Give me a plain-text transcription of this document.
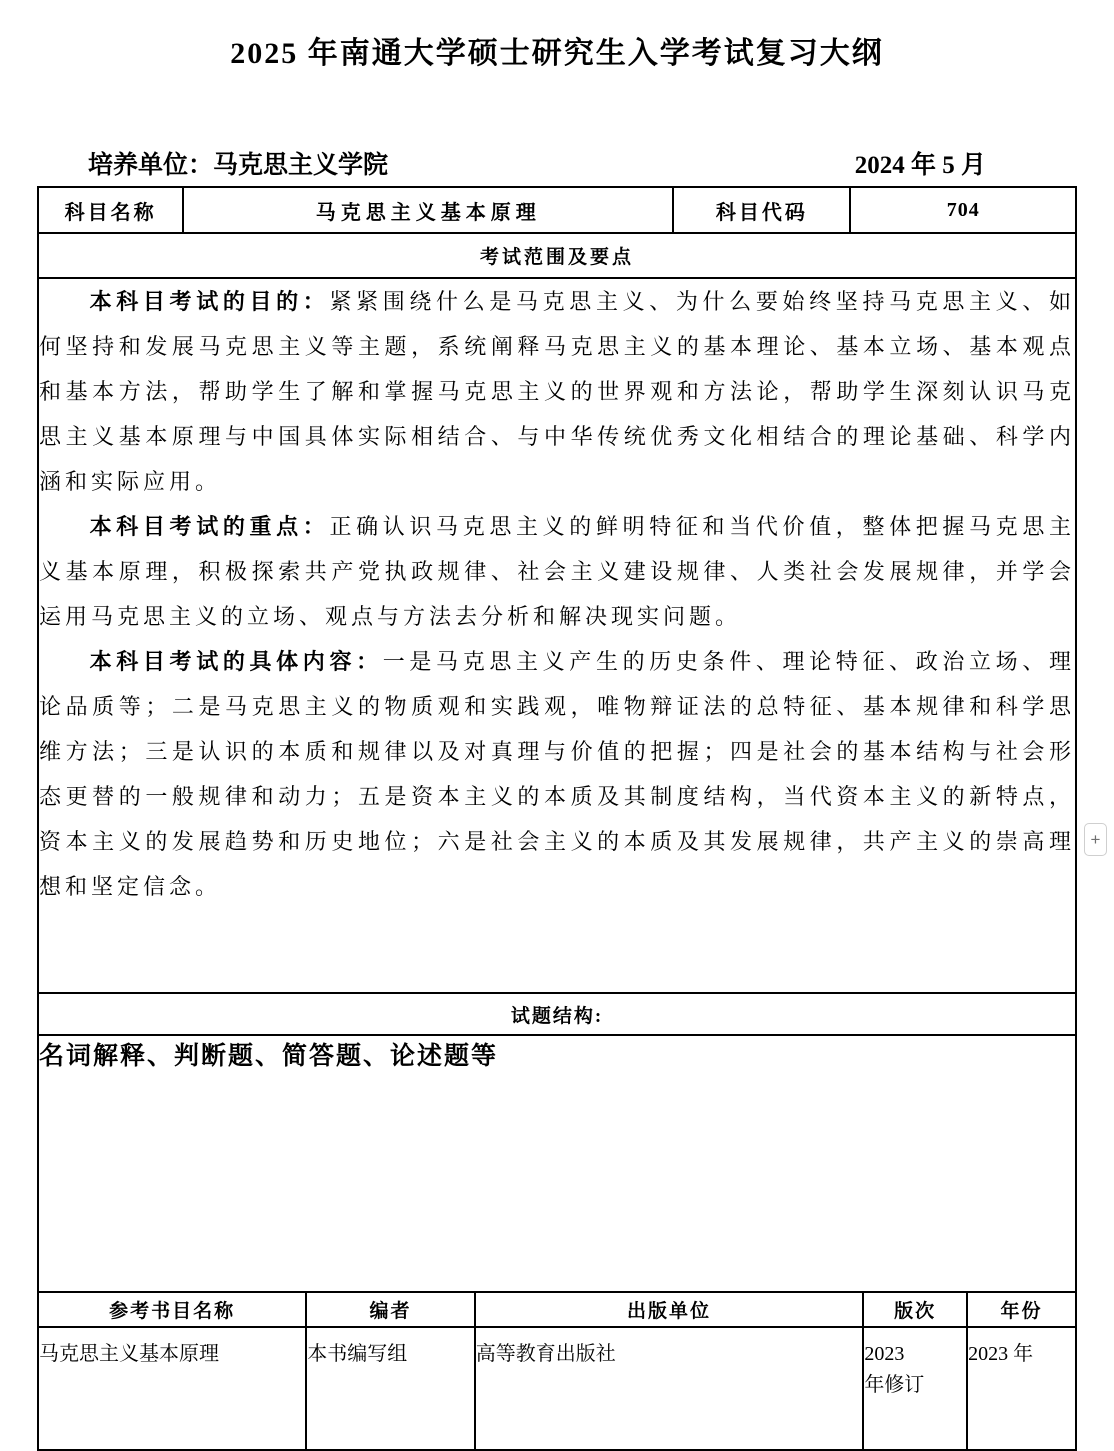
2025 年南通大学硕士研究生入学考试复习大纲
培养单位：马克思主义学院	2024 年 5 月
科目名称	马克思主义基本原理	科目代码	704
考试范围及要点

本科目考试的目的：紧紧围绕什么是马克思主义、为什么要始终坚持马克思主义、如何坚持和发展马克思主义等主题，系统阐释马克思主义的基本理论、基本立场、基本观点和基本方法，帮助学生了解和掌握马克思主义的世界观和方法论，帮助学生深刻认识马克思主义基本原理与中国具体实际相结合、与中华传统优秀文化相结合的理论基础、科学内涵和实际应用。

本科目考试的重点：正确认识马克思主义的鲜明特征和当代价值，整体把握马克思主义基本原理，积极探索共产党执政规律、社会主义建设规律、人类社会发展规律，并学会运用马克思主义的立场、观点与方法去分析和解决现实问题。

本科目考试的具体内容：一是马克思主义产生的历史条件、理论特征、政治立场、理论品质等；二是马克思主义的物质观和实践观，唯物辩证法的总特征、基本规律和科学思维方法；三是认识的本质和规律以及对真理与价值的把握；四是社会的基本结构与社会形态更替的一般规律和动力；五是资本主义的本质及其制度结构，当代资本主义的新特点，资本主义的发展趋势和历史地位；六是社会主义的本质及其发展规律，共产主义的崇高理想和坚定信念。

试题结构:

名词解释、判断题、简答题、论述题等
参考书目名称	编者	出版单位	版次	年份
马克思主义基本原理	本书编写组	高等教育出版社	2023 年修订	2023 年
+
